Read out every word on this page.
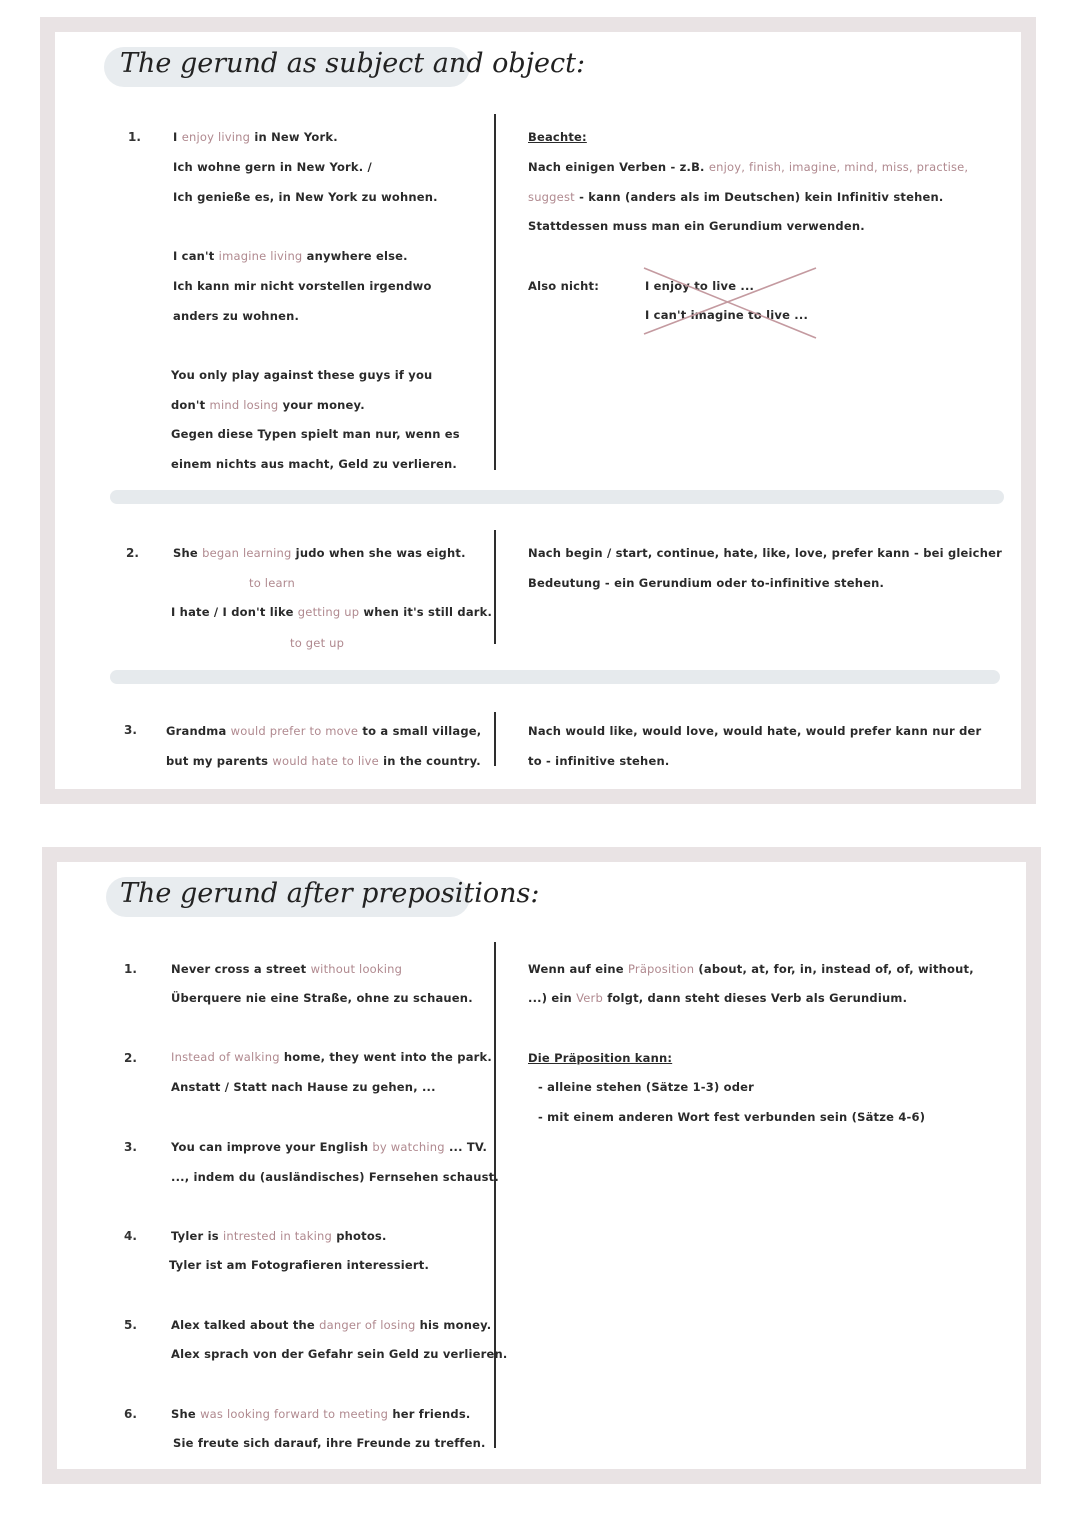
The gerund as subject and object:
1.	I enjoy living in New York.
Ich wohne gern in New York. /
Ich genieße es, in New York zu wohnen.
I can't imagine living anywhere else.
Ich kann mir nicht vorstellen irgendwo
anders zu wohnen.
You only play against these guys if you
don't mind losing your money.
Gegen diese Typen spielt man nur, wenn es
einem nichts aus macht, Geld zu verlieren.
Beachte:
Nach einigen Verben - z.B. enjoy, finish, imagine, mind, miss, practise,
suggest - kann (anders als im Deutschen) kein Infinitiv stehen.
Stattdessen muss man ein Gerundium verwenden.
Also nicht:	I enjoy to live ...
I can't imagine to live ...
2.	She began learning judo when she was eight.
to learn
I hate / I don't like getting up when it's still dark.
to get up
Nach begin / start, continue, hate, like, love, prefer kann - bei gleicher
Bedeutung - ein Gerundium oder to-infinitive stehen.
3.	Grandma would prefer to move to a small village,
but my parents would hate to live in the country.
Nach would like, would love, would hate, would prefer kann nur der
to - infinitive stehen.
The gerund after prepositions:
1.	Never cross a street without looking
Überquere nie eine Straße, ohne zu schauen.
2.	Instead of walking home, they went into the park.
Anstatt / Statt nach Hause zu gehen, ...
3.	You can improve your English by watching ... TV.
..., indem du (ausländisches) Fernsehen schaust.
4.	Tyler is intrested in taking photos.
Tyler ist am Fotografieren interessiert.
5.	Alex talked about the danger of losing his money.
Alex sprach von der Gefahr sein Geld zu verlieren.
6.	She was looking forward to meeting her friends.
Sie freute sich darauf, ihre Freunde zu treffen.
Wenn auf eine Präposition (about, at, for, in, instead of, of, without,
...) ein Verb folgt, dann steht dieses Verb als Gerundium.
Die Präposition kann:
- alleine stehen (Sätze 1-3) oder
- mit einem anderen Wort fest verbunden sein (Sätze 4-6)
